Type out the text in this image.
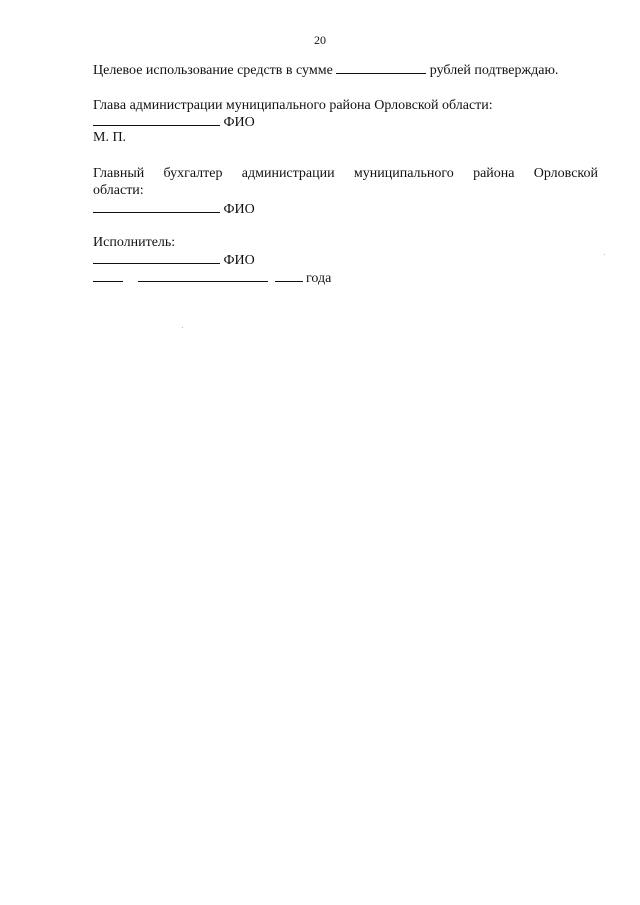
20
Целевое использование средств в сумме	рублей подтверждаю.
Главa администрации муниципального района Орловской области:
ФИО
М. П.
Главный бухгалтер администрации муниципального района Орловской
области:
ФИО
Исполнитель:
ФИО
года
